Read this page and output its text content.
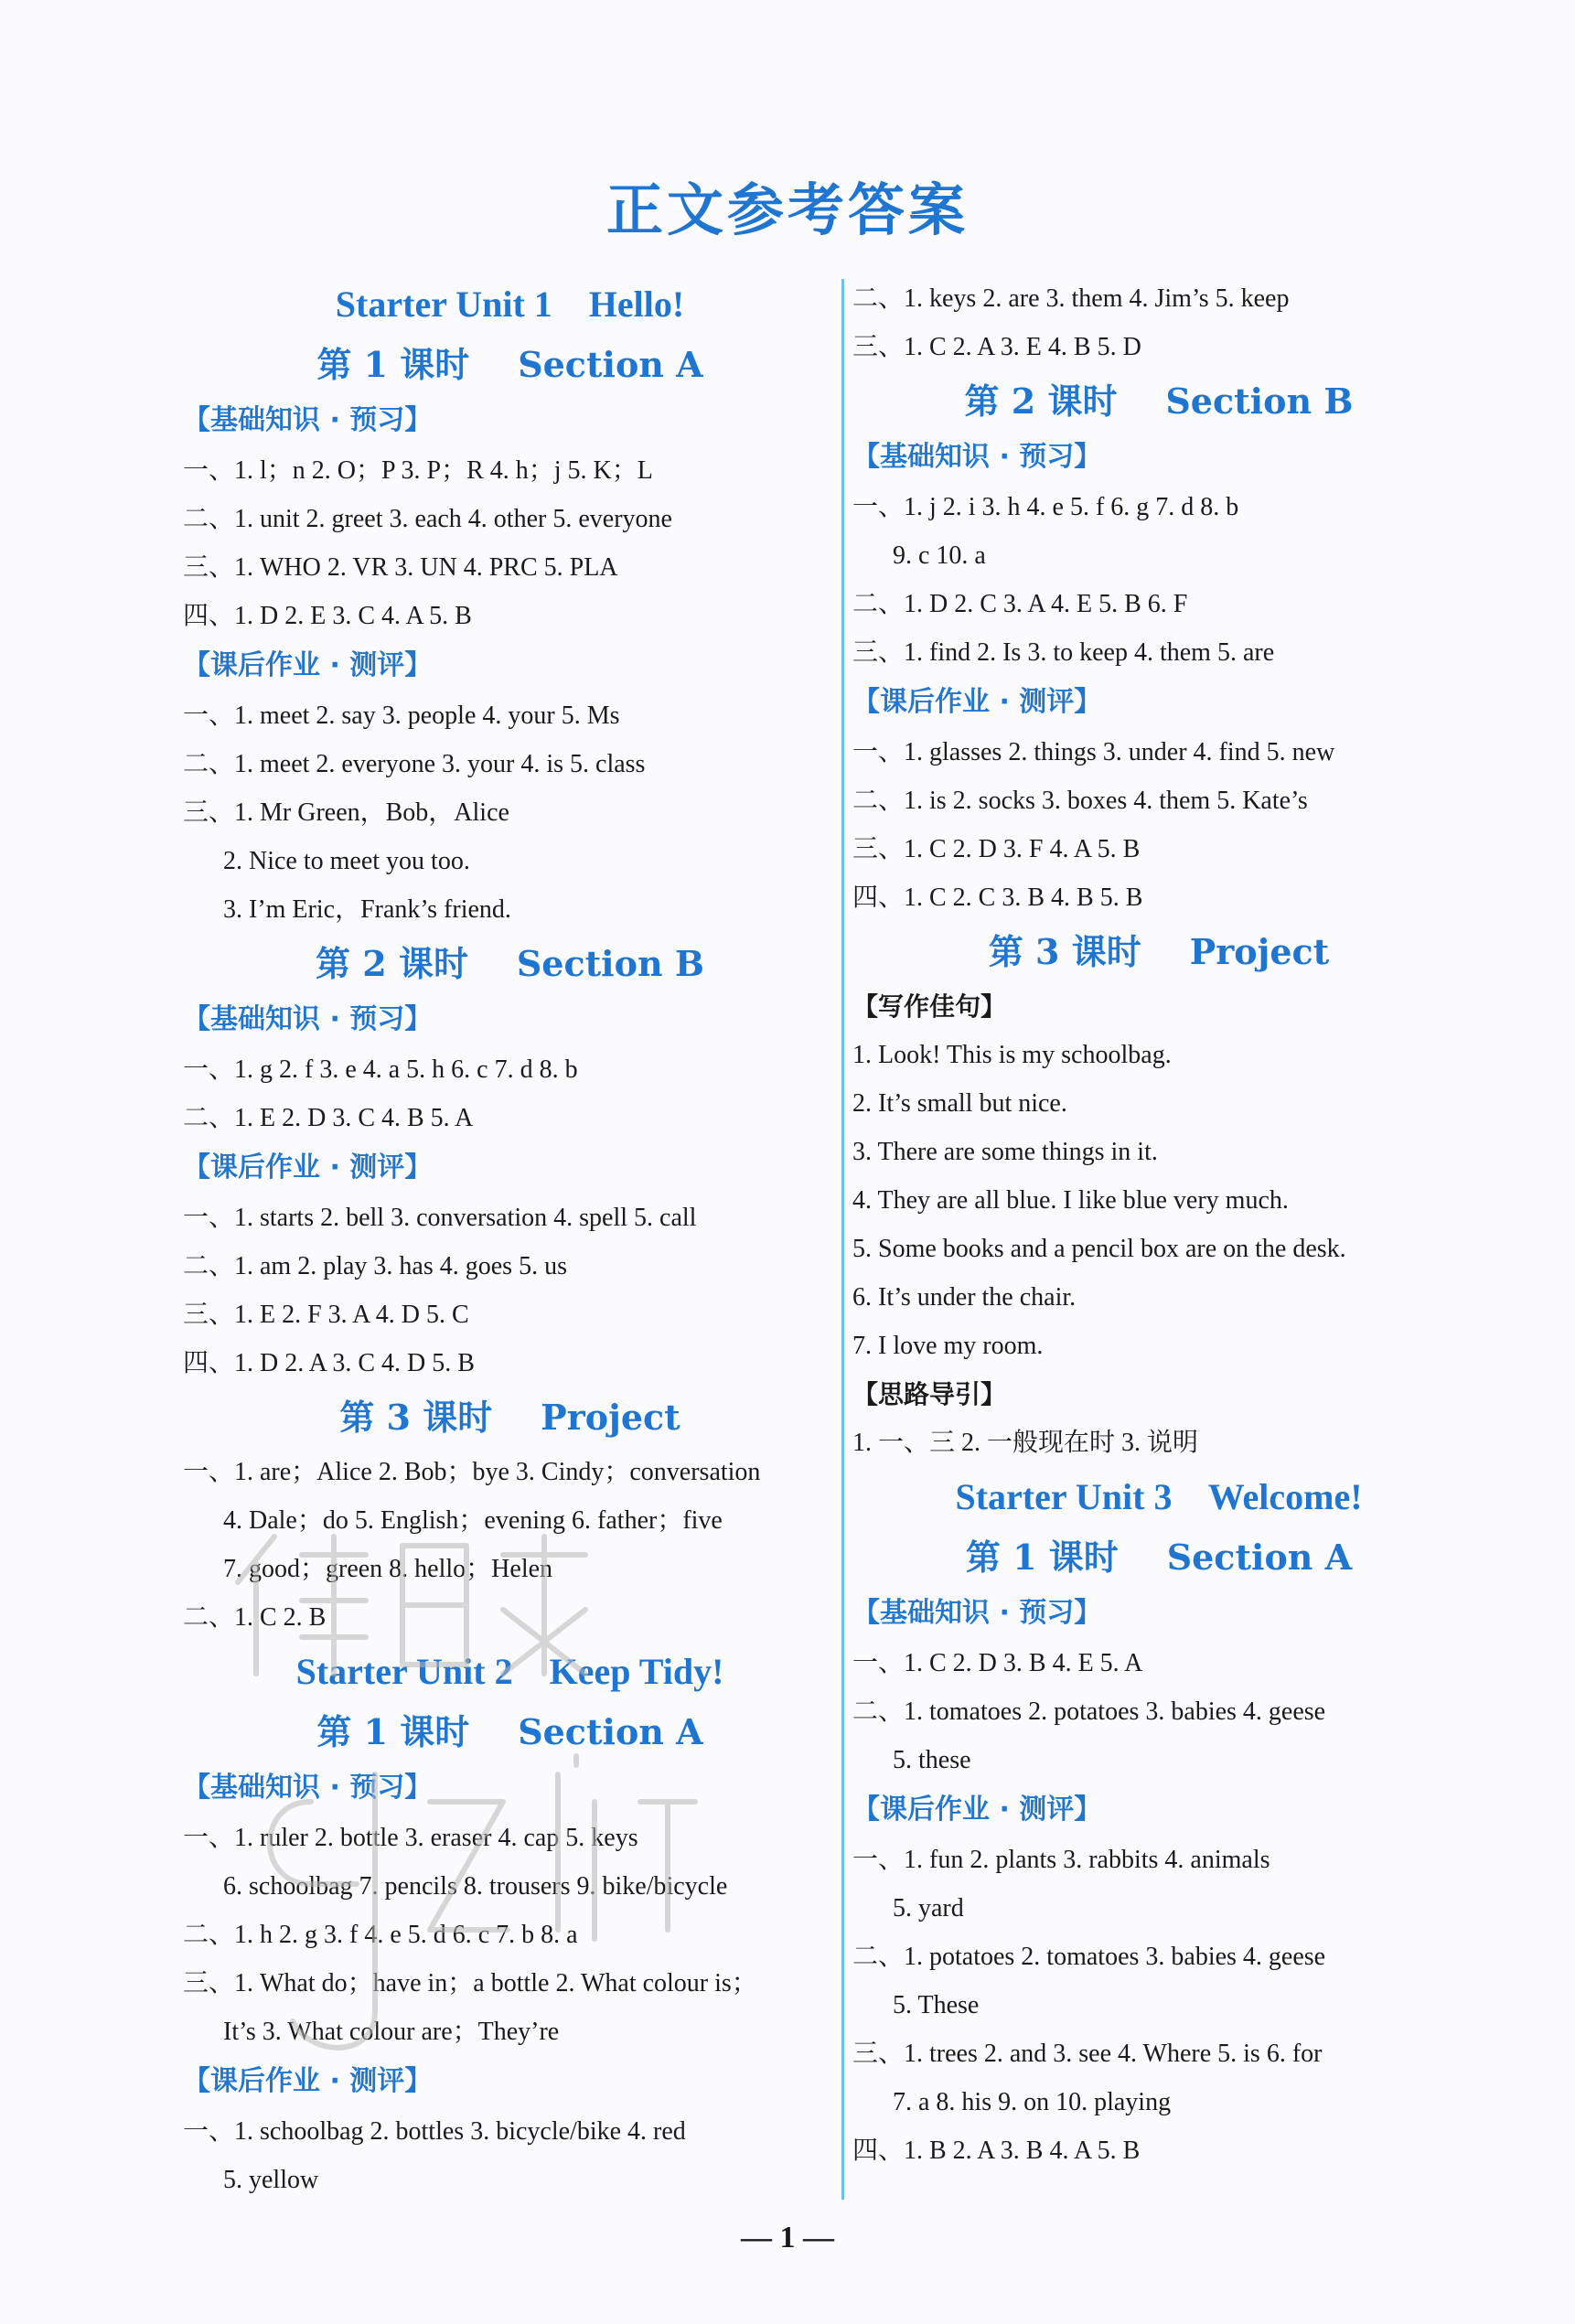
正文参考答案
Starter Unit 1    Hello!
第 1 课时    Section A
【基础知识 · 预习】
一、1. l；n 2. O；P 3. P；R 4. h；j 5. K；L
二、1. unit 2. greet 3. each 4. other 5. everyone
三、1. WHO 2. VR 3. UN 4. PRC 5. PLA
四、1. D 2. E 3. C 4. A 5. B
【课后作业 · 测评】
一、1. meet 2. say 3. people 4. your 5. Ms
二、1. meet 2. everyone 3. your 4. is 5. class
三、1. Mr Green，Bob，Alice
2. Nice to meet you too.
3. I’m Eric，Frank’s friend.
第 2 课时    Section B
【基础知识 · 预习】
一、1. g 2. f 3. e 4. a 5. h 6. c 7. d 8. b
二、1. E 2. D 3. C 4. B 5. A
【课后作业 · 测评】
一、1. starts 2. bell 3. conversation 4. spell 5. call
二、1. am 2. play 3. has 4. goes 5. us
三、1. E 2. F 3. A 4. D 5. C
四、1. D 2. A 3. C 4. D 5. B
第 3 课时    Project
一、1. are；Alice 2. Bob；bye 3. Cindy；conversation
4. Dale；do 5. English；evening 6. father；five
7. good；green 8. hello；Helen
二、1. C 2. B
Starter Unit 2    Keep Tidy!
第 1 课时    Section A
【基础知识 · 预习】
一、1. ruler 2. bottle 3. eraser 4. cap 5. keys
6. schoolbag 7. pencils 8. trousers 9. bike/bicycle
二、1. h 2. g 3. f 4. e 5. d 6. c 7. b 8. a
三、1. What do；have in；a bottle 2. What colour is；
It’s 3. What colour are；They’re
【课后作业 · 测评】
一、1. schoolbag 2. bottles 3. bicycle/bike 4. red
5. yellow
二、1. keys 2. are 3. them 4. Jim’s 5. keep
三、1. C 2. A 3. E 4. B 5. D
第 2 课时    Section B
【基础知识 · 预习】
一、1. j 2. i 3. h 4. e 5. f 6. g 7. d 8. b
9. c 10. a
二、1. D 2. C 3. A 4. E 5. B 6. F
三、1. find 2. Is 3. to keep 4. them 5. are
【课后作业 · 测评】
一、1. glasses 2. things 3. under 4. find 5. new
二、1. is 2. socks 3. boxes 4. them 5. Kate’s
三、1. C 2. D 3. F 4. A 5. B
四、1. C 2. C 3. B 4. B 5. B
第 3 课时    Project
【写作佳句】
1. Look! This is my schoolbag.
2. It’s small but nice.
3. There are some things in it.
4. They are all blue. I like blue very much.
5. Some books and a pencil box are on the desk.
6. It’s under the chair.
7. I love my room.
【思路导引】
1. 一、三 2. 一般现在时 3. 说明
Starter Unit 3    Welcome!
第 1 课时    Section A
【基础知识 · 预习】
一、1. C 2. D 3. B 4. E 5. A
二、1. tomatoes 2. potatoes 3. babies 4. geese
5. these
【课后作业 · 测评】
一、1. fun 2. plants 3. rabbits 4. animals
5. yard
二、1. potatoes 2. tomatoes 3. babies 4. geese
5. These
三、1. trees 2. and 3. see 4. Where 5. is 6. for
7. a 8. his 9. on 10. playing
四、1. B 2. A 3. B 4. A 5. B
— 1 —
